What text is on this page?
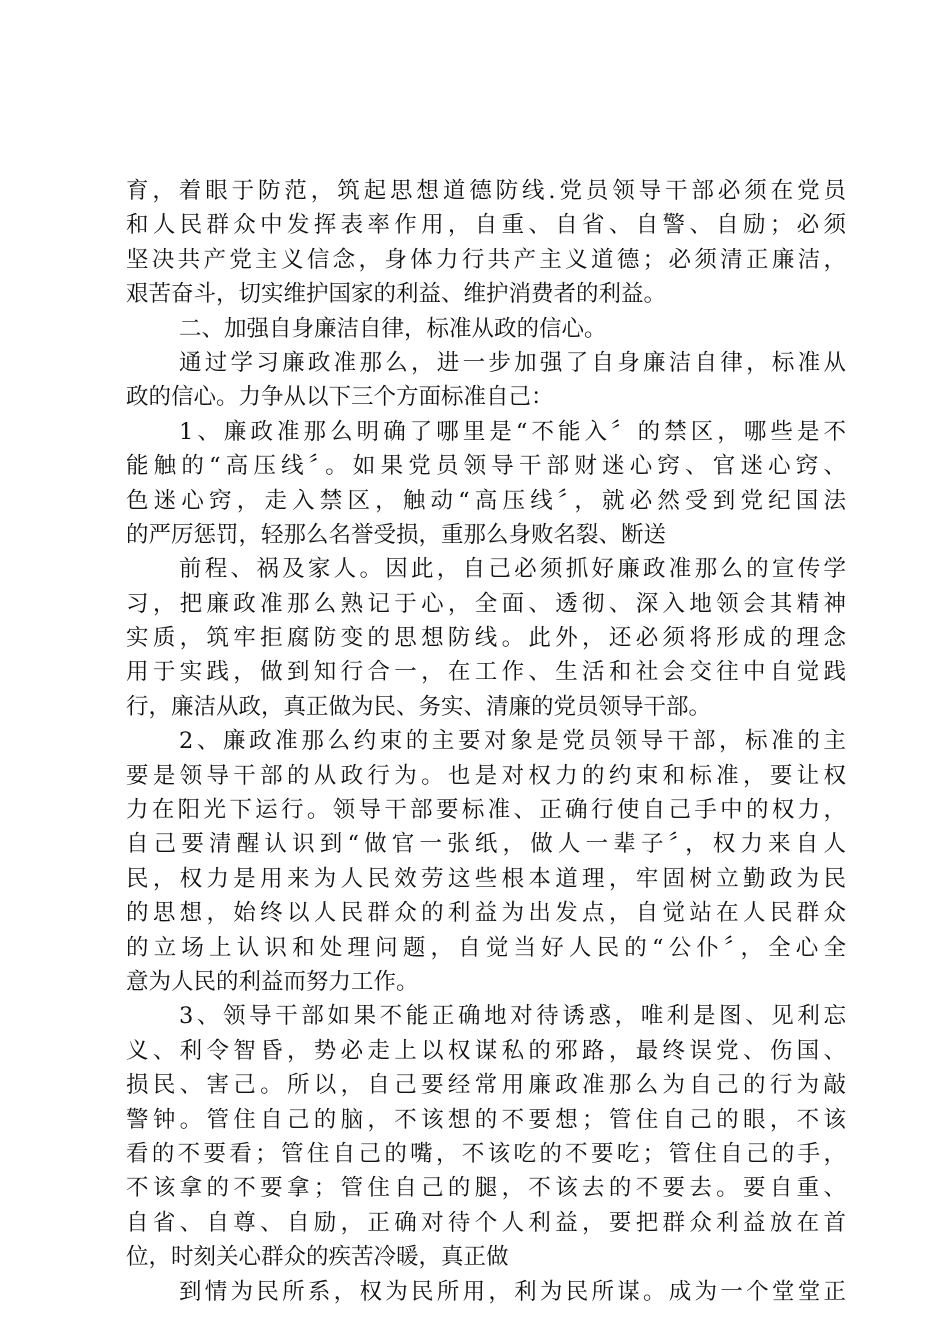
育，着眼于防范，筑起思想道德防线.党员领导干部必须在党员
和人民群众中发挥表率作用，自重、自省、自警、自励；必须
坚决共产党主义信念，身体力行共产主义道德；必须清正廉洁，
艰苦奋斗，切实维护国家的利益、维护消费者的利益。
二、加强自身廉洁自律，标准从政的信心。
通过学习廉政准那么，进一步加强了自身廉洁自律，标准从
政的信心。力争从以下三个方面标准自己：
1、廉政准那么明确了哪里是“不能入〞的禁区，哪些是不
能触的“高压线〞。如果党员领导干部财迷心窍、官迷心窍、
色迷心窍，走入禁区，触动“高压线〞，就必然受到党纪国法
的严厉惩罚，轻那么名誉受损，重那么身败名裂、断送
前程、祸及家人。因此，自己必须抓好廉政准那么的宣传学
习，把廉政准那么熟记于心，全面、透彻、深入地领会其精神
实质，筑牢拒腐防变的思想防线。此外，还必须将形成的理念
用于实践，做到知行合一，在工作、生活和社会交往中自觉践
行，廉洁从政，真正做为民、务实、清廉的党员领导干部。
2、廉政准那么约束的主要对象是党员领导干部，标准的主
要是领导干部的从政行为。也是对权力的约束和标准，要让权
力在阳光下运行。领导干部要标准、正确行使自己手中的权力，
自己要清醒认识到“做官一张纸，做人一辈子〞，权力来自人
民，权力是用来为人民效劳这些根本道理，牢固树立勤政为民
的思想，始终以人民群众的利益为出发点，自觉站在人民群众
的立场上认识和处理问题，自觉当好人民的“公仆〞，全心全
意为人民的利益而努力工作。
3、领导干部如果不能正确地对待诱惑，唯利是图、见利忘
义、利令智昏，势必走上以权谋私的邪路，最终误党、伤国、
损民、害己。所以，自己要经常用廉政准那么为自己的行为敲
警钟。管住自己的脑，不该想的不要想；管住自己的眼，不该
看的不要看；管住自己的嘴，不该吃的不要吃；管住自己的手，
不该拿的不要拿；管住自己的腿，不该去的不要去。要自重、
自省、自尊、自励，正确对待个人利益，要把群众利益放在首
位，时刻关心群众的疾苦冷暖，真正做
到情为民所系，权为民所用，利为民所谋。成为一个堂堂正
